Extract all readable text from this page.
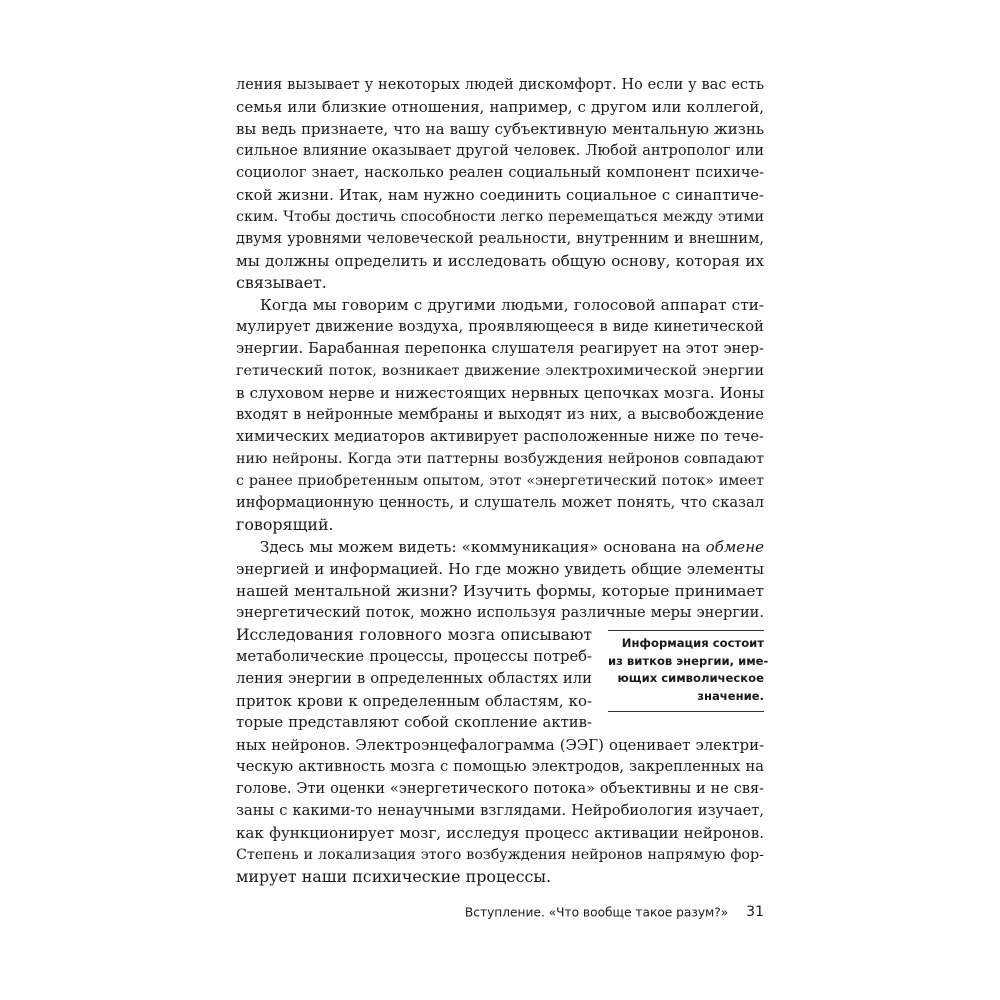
ления вызывает у некоторых людей дискомфорт. Но если у вас есть
семья или близкие отношения, например, с другом или коллегой,
вы ведь признаете, что на вашу субъективную ментальную жизнь
сильное влияние оказывает другой человек. Любой антрополог или
социолог знает, насколько реален социальный компонент психиче-
ской жизни. Итак, нам нужно соединить социальное с синаптиче-
ским. Чтобы достичь способности легко перемещаться между этими
двумя уровнями человеческой реальности, внутренним и внешним,
мы должны определить и исследовать общую основу, которая их
связывает.
Когда мы говорим с другими людьми, голосовой аппарат сти-
мулирует движение воздуха, проявляющееся в виде кинетической
энергии. Барабанная перепонка слушателя реагирует на этот энер-
гетический поток, возникает движение электрохимической энергии
в слуховом нерве и нижестоящих нервных цепочках мозга. Ионы
входят в нейронные мембраны и выходят из них, а высвобождение
химических медиаторов активирует расположенные ниже по тече-
нию нейроны. Когда эти паттерны возбуждения нейронов совпадают
с ранее приобретенным опытом, этот «энергетический поток» имеет
информационную ценность, и слушатель может понять, что сказал
говорящий.
Здесь мы можем видеть: «коммуникация» основана на обмене
энергией и информацией. Но где можно увидеть общие элементы
нашей ментальной жизни? Изучить формы, которые принимает
энергетический поток, можно используя различные меры энергии.
Исследования головного мозга описывают
метаболические процессы, процессы потреб-
ления энергии в определенных областях или
приток крови к определенным областям, ко-
торые представляют собой скопление актив-
ных нейронов. Электроэнцефалограмма (ЭЭГ) оценивает электри-
ческую активность мозга с помощью электродов, закрепленных на
голове. Эти оценки «энергетического потока» объективны и не свя-
заны с какими-то ненаучными взглядами. Нейробиология изучает,
как функционирует мозг, исследуя процесс активации нейронов.
Степень и локализация этого возбуждения нейронов напрямую фор-
мирует наши психические процессы.
Информация состоит
из витков энергии, име-
ющих символическое
значение.
Вступление. «Что вообще такое разум?» 31
